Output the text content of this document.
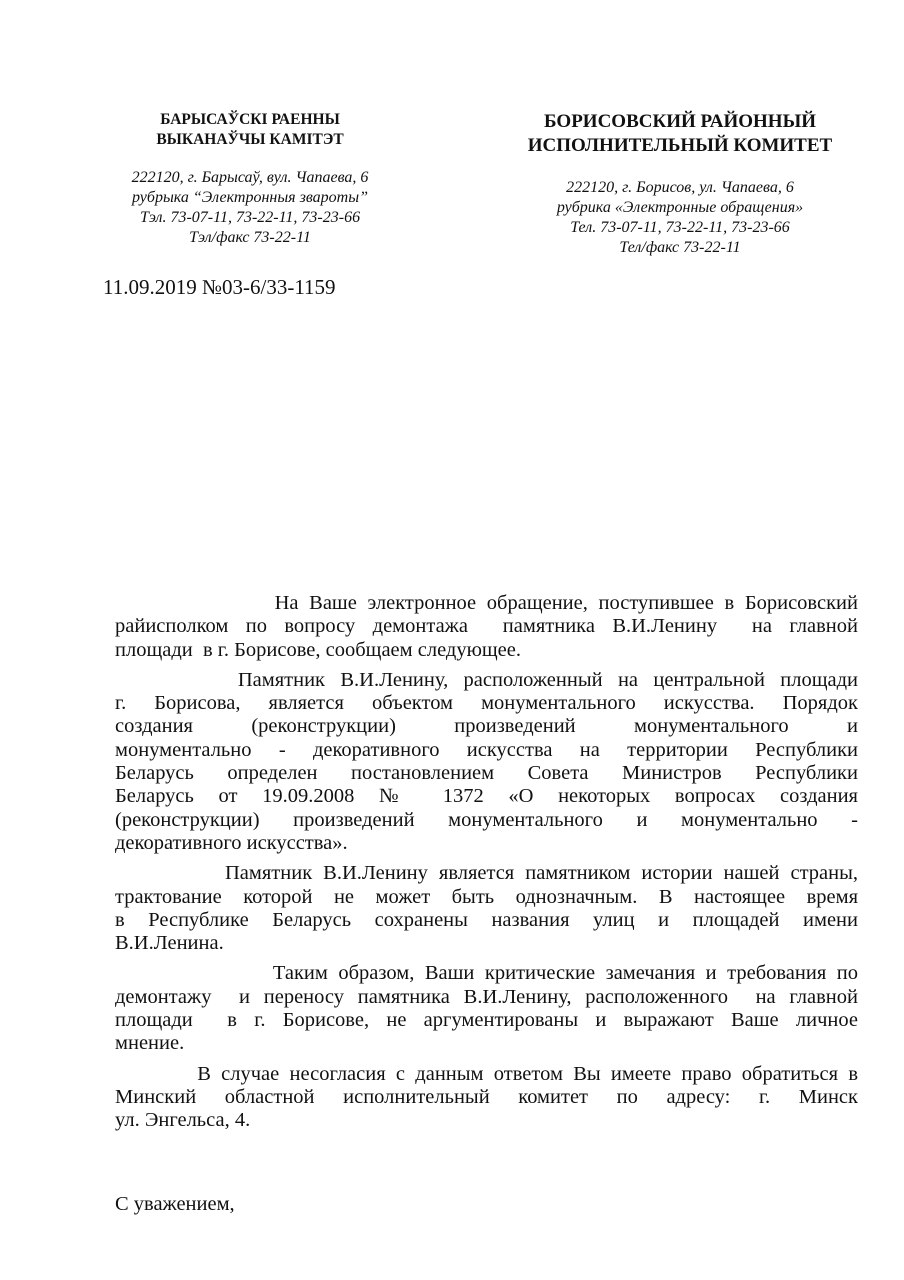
БАРЫСАЎСКІ РАЕННЫ
ВЫКАНАЎЧЫ КАМІТЭТ
222120, г. Барысаў, вул. Чапаева, 6
рубрыка “Электронныя звароты”
Тэл. 73-07-11, 73-22-11, 73-23-66
Тэл/факс 73-22-11
БОРИСОВСКИЙ РАЙОННЫЙ
ИСПОЛНИТЕЛЬНЫЙ КОМИТЕТ
222120, г. Борисов, ул. Чапаева, 6
рубрика «Электронные обращения»
Тел. 73-07-11, 73-22-11, 73-23-66
Тел/факс 73-22-11
11.09.2019 №03-6/33-1159
На Ваше электронное обращение, поступившее в Борисовский
райисполком по вопросу демонтажа  памятника В.И.Ленину  на главной
площади  в г. Борисове, сообщаем следующее.
Памятник В.И.Ленину, расположенный на центральной площади
г. Борисова, является объектом монументального искусства. Порядок
создания (реконструкции) произведений монументального и
монументально - декоративного искусства на территории Республики
Беларусь определен постановлением Совета Министров Республики
Беларусь от 19.09.2008 № 1372 «О некоторых вопросах создания
(реконструкции) произведений монументального и монументально -
декоративного искусства».
Памятник В.И.Ленину является памятником истории нашей страны,
трактование которой не может быть однозначным. В настоящее время
в Республике Беларусь сохранены названия улиц и площадей имени
В.И.Ленина.
Таким образом, Ваши критические замечания и требования по
демонтажу  и переносу памятника В.И.Ленину, расположенного  на главной
площади  в г. Борисове, не аргументированы и выражают Ваше личное
мнение.
В случае несогласия с данным ответом Вы имеете право обратиться в
Минский областной исполнительный комитет по адресу: г. Минск
ул. Энгельса, 4.
С уважением,
